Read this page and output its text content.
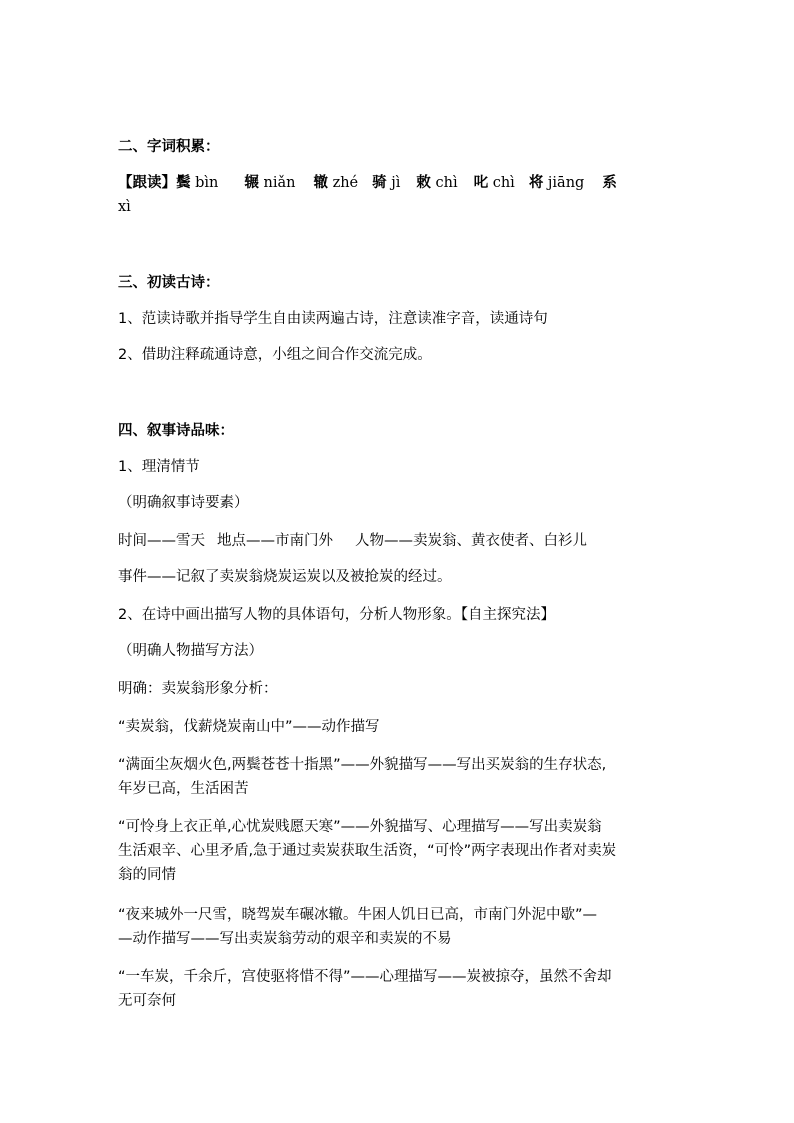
二、字词积累：
【跟读】鬓 bìn 辗 niǎn 辙 zhé 骑 jì 敕 chì 叱 chì 将 jiāng 系
xì
三、初读古诗：
1、范读诗歌并指导学生自由读两遍古诗，注意读准字音，读通诗句
2、借助注释疏通诗意，小组之间合作交流完成。
四、叙事诗品味：
1、理清情节
（明确叙事诗要素）
时间——雪天 地点——市南门外 人物——卖炭翁、黄衣使者、白衫儿
事件——记叙了卖炭翁烧炭运炭以及被抢炭的经过。
2、在诗中画出描写人物的具体语句，分析人物形象。【自主探究法】
（明确人物描写方法）
明确：卖炭翁形象分析：
“卖炭翁，伐薪烧炭南山中”——动作描写
“满面尘灰烟火色,两鬓苍苍十指黑”——外貌描写——写出买炭翁的生存状态,
年岁已高，生活困苦
“可怜身上衣正单,心忧炭贱愿天寒”——外貌描写、心理描写——写出卖炭翁
生活艰辛、心里矛盾,急于通过卖炭获取生活资，“可怜”两字表现出作者对卖炭
翁的同情
“夜来城外一尺雪，晓驾炭车碾冰辙。牛困人饥日已高，市南门外泥中歇”—
—动作描写——写出卖炭翁劳动的艰辛和卖炭的不易
“一车炭，千余斤，宫使驱将惜不得”——心理描写——炭被掠夺，虽然不舍却
无可奈何
